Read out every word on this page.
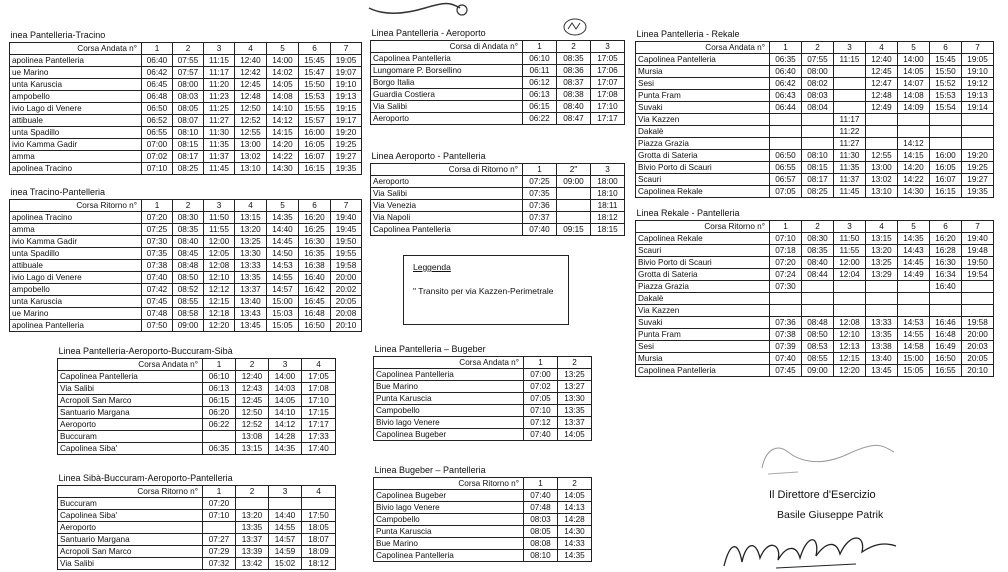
inea Pantelleria-Tracino							
Corsa Andata n°	1	2	3	4	5	6	7
apolinea Pantelleria	06:40	07:55	11:15	12:40	14:00	15:45	19:05
ue Marino	06:42	07:57	11:17	12:42	14:02	15:47	19:07
unta Karuscia	06:45	08:00	11:20	12:45	14:05	15:50	19:10
ampobello	06:48	08:03	11:23	12:48	14:08	15:53	19:13
ivio Lago di Venere	06:50	08:05	11:25	12:50	14:10	15:55	19:15
attibuale	06:52	08:07	11:27	12:52	14:12	15:57	19:17
unta Spadillo	06:55	08:10	11:30	12:55	14:15	16:00	19:20
ivio Kamma Gadir	07:00	08:15	11:35	13:00	14:20	16:05	19:25
amma	07:02	08:17	11:37	13:02	14:22	16:07	19:27
apolinea Tracino	07:10	08:25	11:45	13:10	14:30	16:15	19:35
inea Tracino-Pantelleria							
Corsa Ritorno n°	1	2	3	4	5	6	7
apolinea Tracino	07:20	08:30	11:50	13:15	14:35	16:20	19:40
amma	07:25	08:35	11:55	13:20	14:40	16:25	19:45
ivio Kamma Gadir	07:30	08:40	12:00	13:25	14:45	16:30	19:50
unta Spadillo	07:35	08:45	12:05	13:30	14:50	16:35	19:55
attibuale	07:38	08:48	12:08	13:33	14:53	16:38	19:58
ivio Lago di Venere	07:40	08:50	12:10	13:35	14:55	16:40	20:00
ampobello	07:42	08:52	12:12	13:37	14:57	16:42	20:02
unta Karuscia	07:45	08:55	12:15	13:40	15:00	16:45	20:05
ue Marino	07:48	08:58	12:18	13:43	15:03	16:48	20:08
apolinea Pantelleria	07:50	09:00	12:20	13:45	15:05	16:50	20:10
Linea Pantelleria - Aeroporto			
Corsa di Andata n°	1	2	3
Capolinea Pantelleria	06:10	08:35	17:05
Lungomare P. Borsellino	06:11	08:36	17:06
Borgo Italia	06:12	08:37	17:07
Guardia Costiera	06:13	08:38	17:08
Via Salibi	06:15	08:40	17:10
Aeroporto	06:22	08:47	17:17
Linea Aeroporto - Pantelleria			
Corsa di Ritorno n°	1	2"	3
Aeroporto	07:25	09:00	18:00
Via Salibi	07:35		18:10
Via Venezia	07:36		18:11
Via Napoli	07:37		18:12
Capolinea Pantelleria	07:40	09:15	18:15
Linea Pantelleria - Rekale							
Corsa Andata n°	1	2	3	4	5	6	7
Capolinea Pantelleria	06:35	07:55	11:15	12:40	14:00	15:45	19:05
Mursia	06:40	08:00		12:45	14:05	15:50	19:10
Sesi	06:42	08:02		12:47	14:07	15:52	19:12
Punta Fram	06:43	08:03		12:48	14:08	15:53	19:13
Suvaki	06:44	08:04		12:49	14:09	15:54	19:14
Via Kazzen			11:17				
Dakalè			11:22				
Piazza Grazia			11:27		14:12		
Grotta di Sateria	06:50	08:10	11:30	12:55	14:15	16:00	19:20
Bivio Porto di Scauri	06:55	08:15	11:35	13:00	14:20	16:05	19:25
Scauri	06:57	08:17	11:37	13:02	14:22	16:07	19:27
Capolinea Rekale	07:05	08:25	11:45	13:10	14:30	16:15	19:35
Linea Rekale - Pantelleria							
Corsa Ritorno n°	1	2	3	4	5	6	7
Capolinea Rekale	07:10	08:30	11:50	13:15	14:35	16:20	19:40
Scauri	07:18	08:35	11:55	13:20	14:43	16:28	19:48
Bivio Porto di Scauri	07:20	08:40	12:00	13:25	14:45	16:30	19:50
Grotta di Sateria	07:24	08:44	12:04	13:29	14:49	16:34	19:54
Piazza Grazia	07:30					16:40	
Dakalè							
Via Kazzen							
Suvaki	07:36	08:48	12:08	13:33	14:53	16:46	19:58
Punta Fram	07:38	08:50	12:10	13:35	14:55	16:48	20:00
Sesi	07:39	08:53	12:13	13:38	14:58	16:49	20:03
Mursia	07:40	08:55	12:15	13:40	15:00	16:50	20:05
Capolinea Pantelleria	07:45	09:00	12:20	13:45	15:05	16:55	20:10
Linea Pantelleria-Aeroporto-Buccuram-Sibà				
Corsa Andata n°	1	2	3	4
Capolinea Pantelleria	06:10	12:40	14:00	17:05
Via Salibi	06:13	12:43	14:03	17:08
Acropoli San Marco	06:15	12:45	14:05	17:10
Santuario Margana	06:20	12:50	14:10	17:15
Aeroporto	06:22	12:52	14:12	17:17
Buccuram		13:08	14:28	17:33
Capolinea Siba'	06:35	13:15	14:35	17:40
Linea Sibà-Buccuram-Aeroporto-Pantelleria				
Corsa Ritorno n°	1	2	3	4
Buccuram	07:20			
Capolinea Siba'	07:10	13:20	14:40	17:50
Aeroporto		13:35	14:55	18:05
Santuario Margana	07:27	13:37	14:57	18:07
Acropoli San Marco	07:29	13:39	14:59	18:09
Via Salibi	07:32	13:42	15:02	18:12
Linea Pantelleria – Bugeber		
Corsa Andata n°	1	2
Capolinea Pantelleria	07:00	13:25
Bue Marino	07:02	13:27
Punta Karuscia	07:05	13:30
Campobello	07:10	13:35
Bivio lago Venere	07:12	13:37
Capolinea Bugeber	07:40	14:05
Linea Bugeber – Pantelleria		
Corsa Ritorno n°	1	2
Capolinea Bugeber	07:40	14:05
Bivio lago Venere	07:48	14:13
Campobello	08:03	14:28
Punta Karuscia	08:05	14:30
Bue Marino	08:08	14:33
Capolinea Pantelleria	08:10	14:35
Leggenda
" Transito per via Kazzen-Perimetrale
Il Direttore d'Esercizio
Basile Giuseppe Patrik
